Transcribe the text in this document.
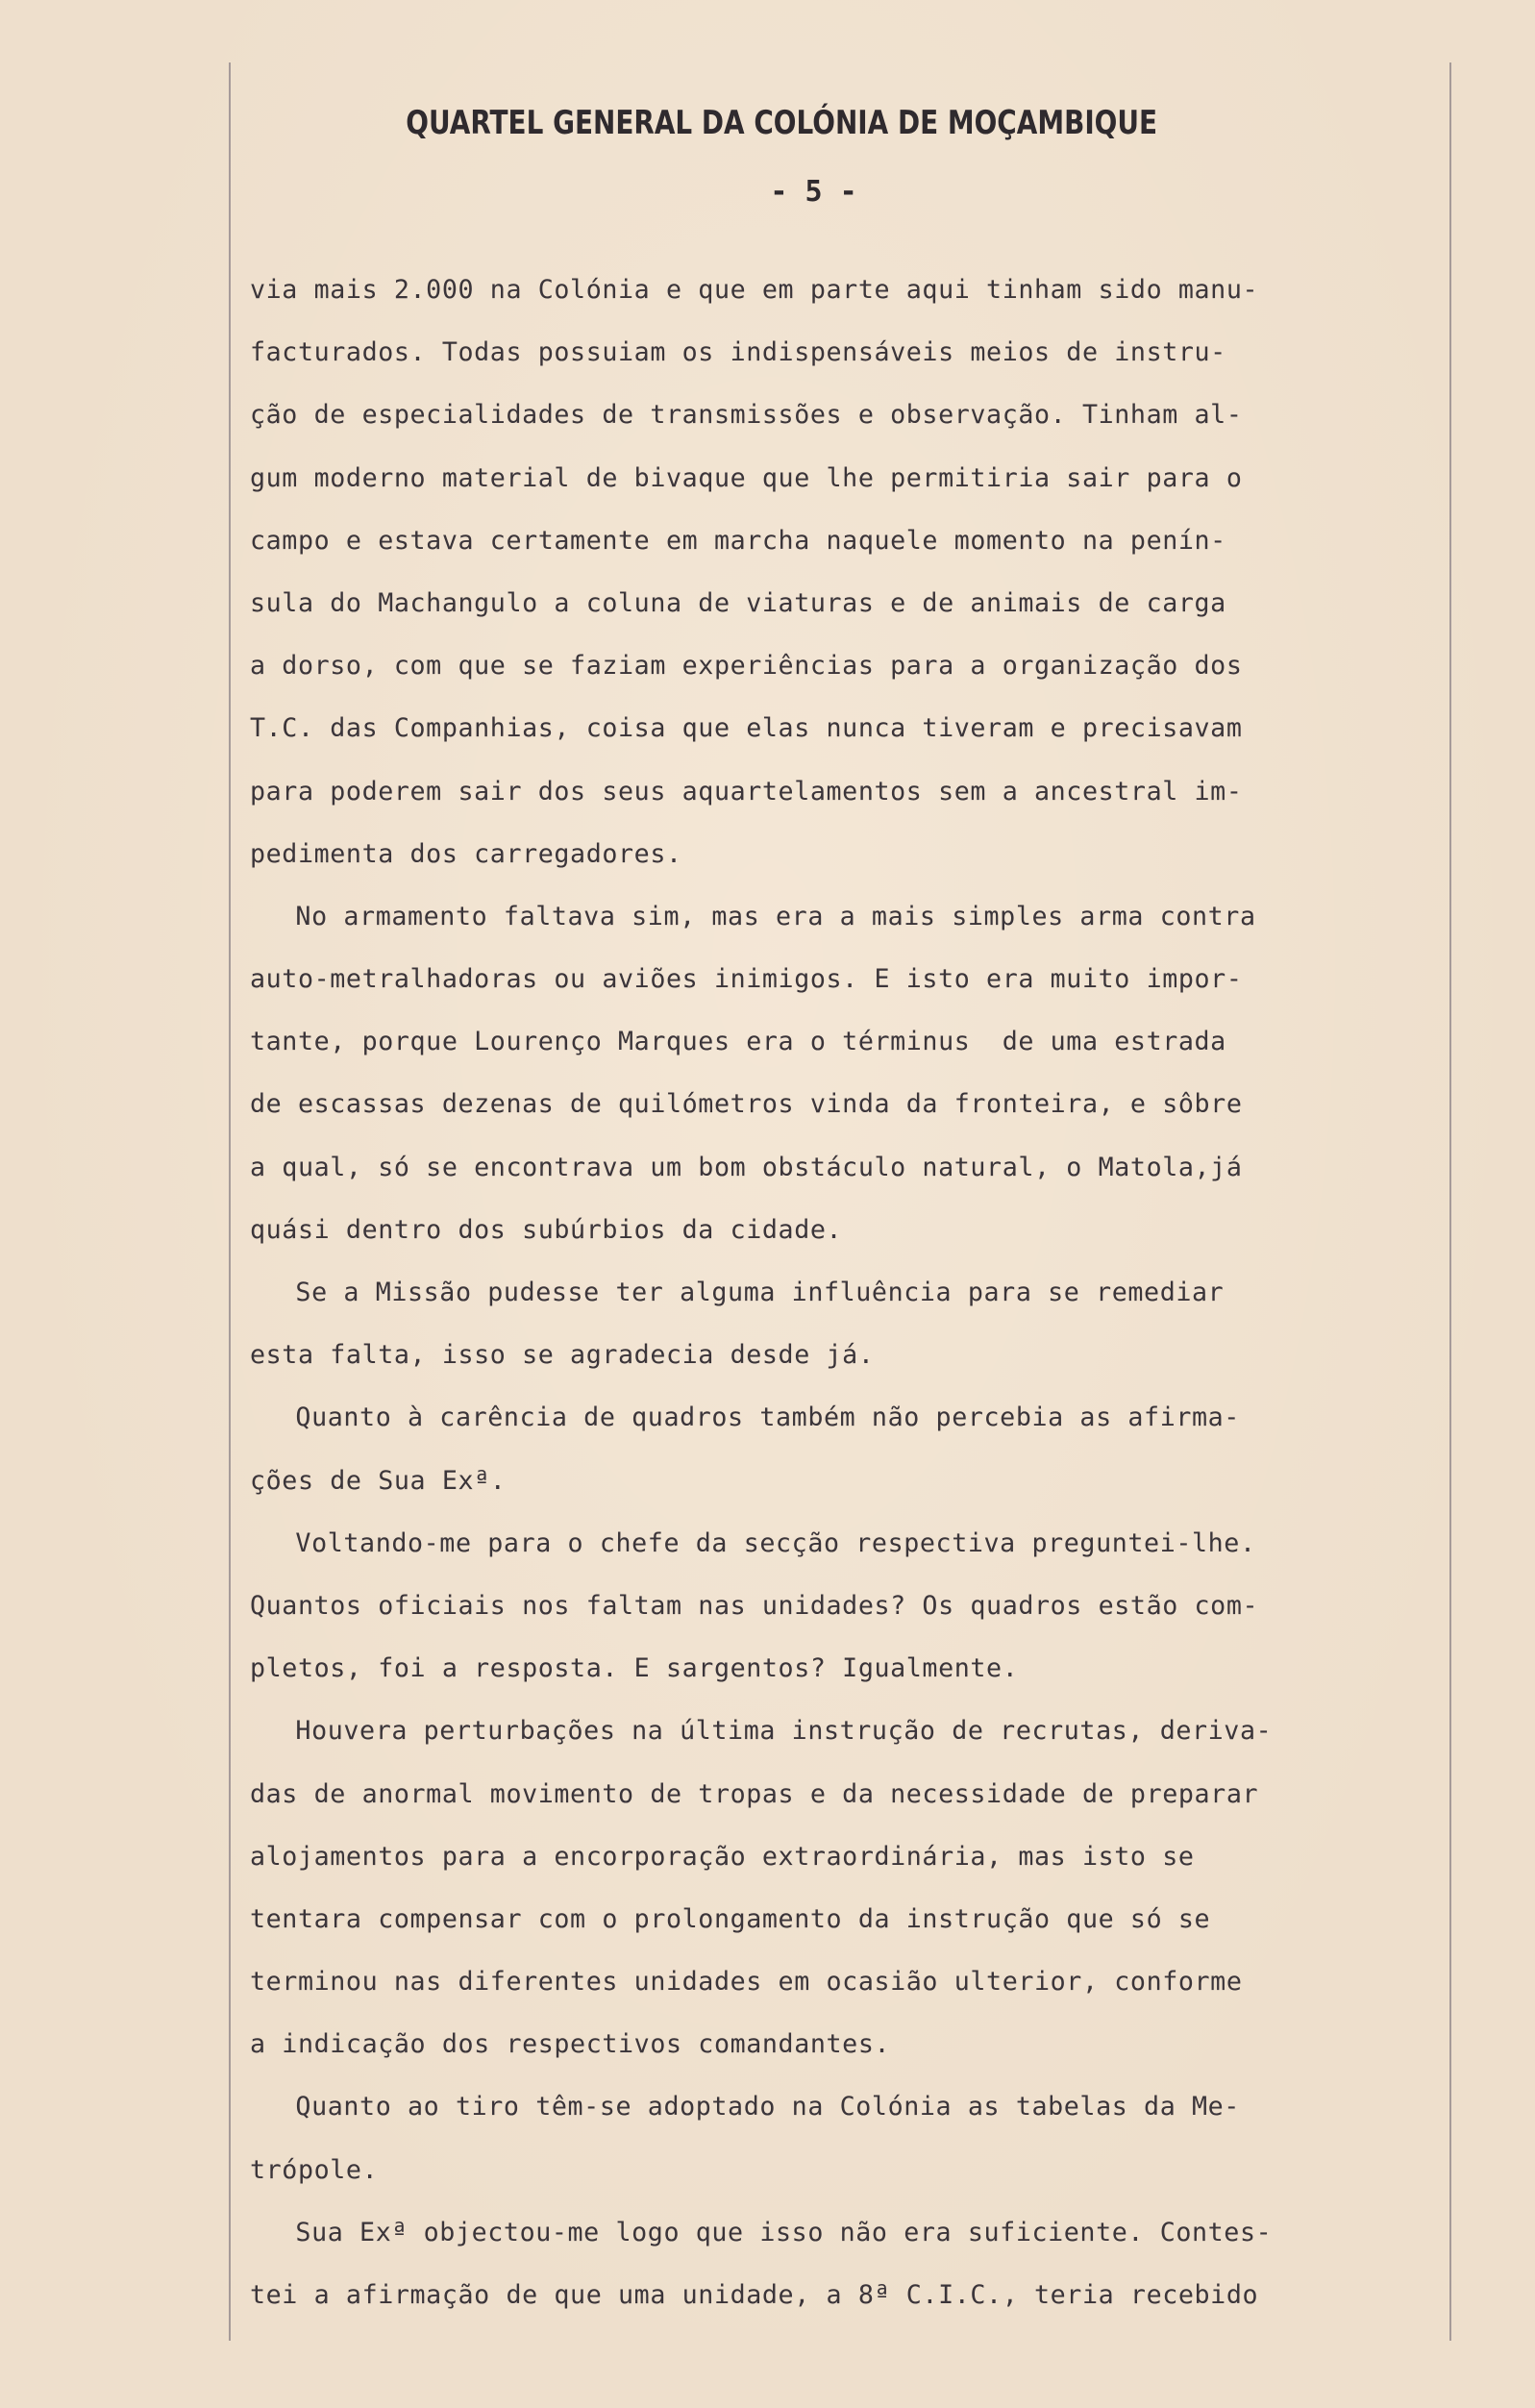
QUARTEL GENERAL DA COLÓNIA DE MOÇAMBIQUE
- 5 -
via mais 2.000 na Colónia e que em parte aqui tinham sido manu-
facturados. Todas possuiam os indispensáveis meios de instru-
ção de especialidades de transmissões e observação. Tinham al-
gum moderno material de bivaque que lhe permitiria sair para o
campo e estava certamente em marcha naquele momento na penín-
sula do Machangulo a coluna de viaturas e de animais de carga
a dorso, com que se faziam experiências para a organização dos
T.C. das Companhias, coisa que elas nunca tiveram e precisavam
para poderem sair dos seus aquartelamentos sem a ancestral im-
pedimenta dos carregadores.
No armamento faltava sim, mas era a mais simples arma contra
auto-metralhadoras ou aviões inimigos. E isto era muito impor-
tante, porque Lourenço Marques era o términus  de uma estrada
de escassas dezenas de quilómetros vinda da fronteira, e sôbre
a qual, só se encontrava um bom obstáculo natural, o Matola,já
quási dentro dos subúrbios da cidade.
Se a Missão pudesse ter alguma influência para se remediar
esta falta, isso se agradecia desde já.
Quanto à carência de quadros também não percebia as afirma-
ções de Sua Exª.
Voltando-me para o chefe da secção respectiva preguntei-lhe.
Quantos oficiais nos faltam nas unidades? Os quadros estão com-
pletos, foi a resposta. E sargentos? Igualmente.
Houvera perturbações na última instrução de recrutas, deriva-
das de anormal movimento de tropas e da necessidade de preparar
alojamentos para a encorporação extraordinária, mas isto se
tentara compensar com o prolongamento da instrução que só se
terminou nas diferentes unidades em ocasião ulterior, conforme
a indicação dos respectivos comandantes.
Quanto ao tiro têm-se adoptado na Colónia as tabelas da Me-
trópole.
Sua Exª objectou-me logo que isso não era suficiente. Contes-
tei a afirmação de que uma unidade, a 8ª C.I.C., teria recebido
